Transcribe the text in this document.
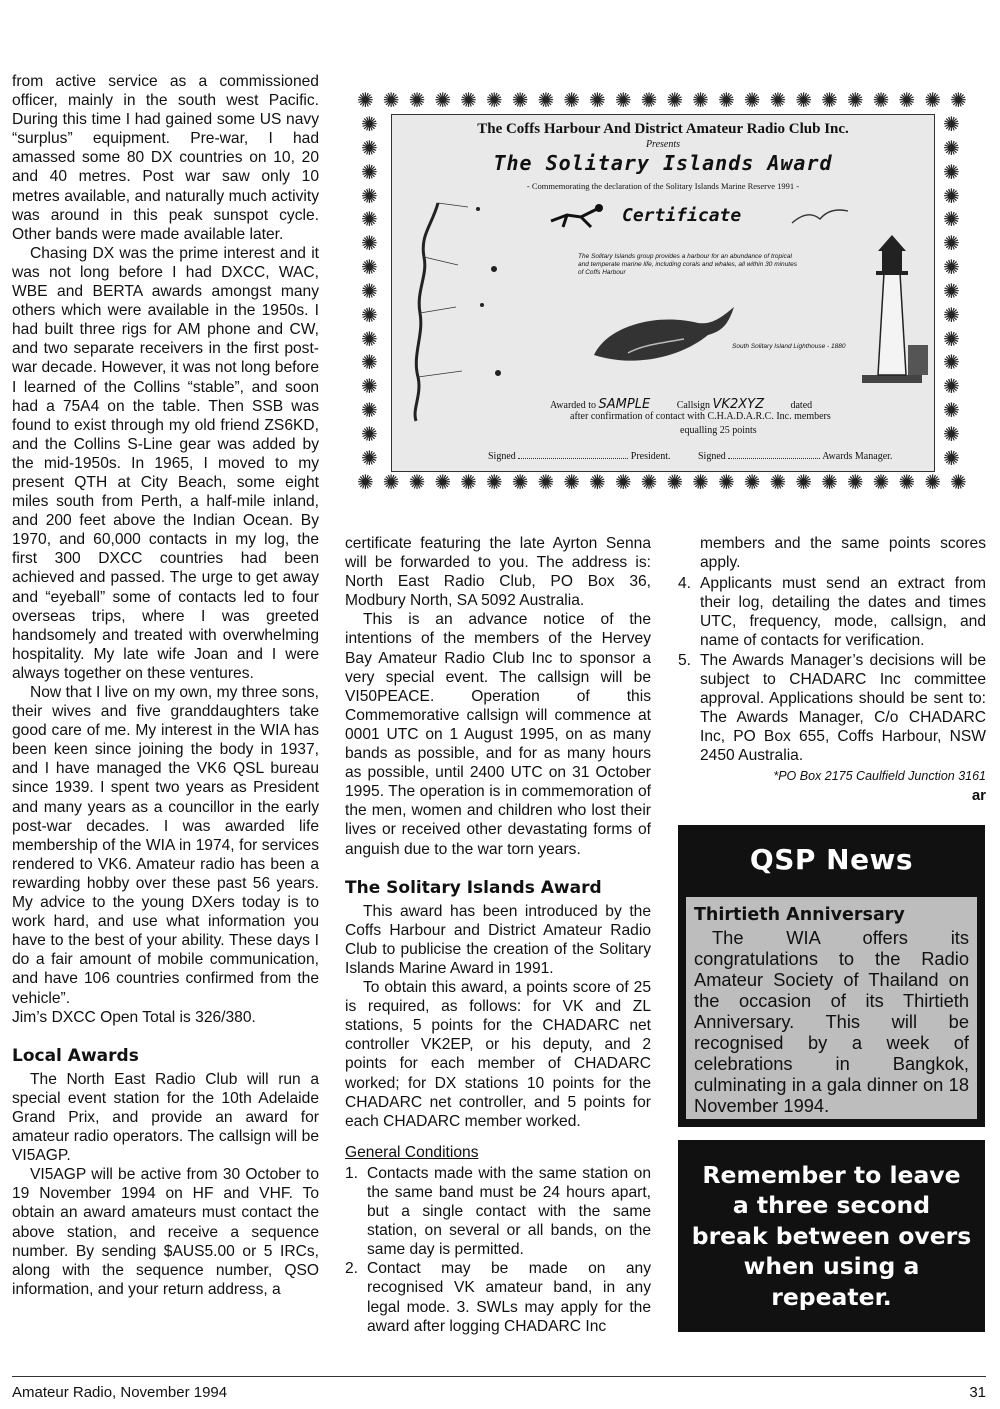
from active service as a commissioned officer, mainly in the south west Pacific. During this time I had gained some US navy “surplus” equipment. Pre-war, I had amassed some 80 DX countries on 10, 20 and 40 metres. Post war saw only 10 metres available, and naturally much activity was around in this peak sunspot cycle. Other bands were made available later.

Chasing DX was the prime interest and it was not long before I had DXCC, WAC, WBE and BERTA awards amongst many others which were available in the 1950s. I had built three rigs for AM phone and CW, and two separate receivers in the first post-war decade. However, it was not long before I learned of the Collins “stable”, and soon had a 75A4 on the table. Then SSB was found to exist through my old friend ZS6KD, and the Collins S-Line gear was added by the mid-1950s. In 1965, I moved to my present QTH at City Beach, some eight miles south from Perth, a half-mile inland, and 200 feet above the Indian Ocean. By 1970, and 60,000 contacts in my log, the first 300 DXCC countries had been achieved and passed. The urge to get away and “eyeball” some of contacts led to four overseas trips, where I was greeted handsomely and treated with overwhelming hospitality. My late wife Joan and I were always together on these ventures.

Now that I live on my own, my three sons, their wives and five granddaughters take good care of me. My interest in the WIA has been keen since joining the body in 1937, and I have managed the VK6 QSL bureau since 1939. I spent two years as President and many years as a councillor in the early post-war decades. I was awarded life membership of the WIA in 1974, for services rendered to VK6. Amateur radio has been a rewarding hobby over these past 56 years. My advice to the young DXers today is to work hard, and use what information you have to the best of your ability. These days I do a fair amount of mobile communication, and have 106 countries confirmed from the vehicle”.

Jim’s DXCC Open Total is 326/380.

Local Awards

The North East Radio Club will run a special event station for the 10th Adelaide Grand Prix, and provide an award for amateur radio operators. The callsign will be VI5AGP.

VI5AGP will be active from 30 October to 19 November 1994 on HF and VHF. To obtain an award amateurs must contact the above station, and receive a sequence number. By sending $AUS5.00 or 5 IRCs, along with the sequence number, QSO information, and your return address, a

✺ ✺ ✺ ✺ ✺ ✺ ✺ ✺ ✺ ✺ ✺ ✺ ✺ ✺ ✺ ✺ ✺ ✺ ✺ ✺ ✺ ✺ ✺ ✺
✺ ✺ ✺ ✺ ✺ ✺ ✺ ✺ ✺ ✺ ✺ ✺ ✺ ✺ ✺ ✺ ✺ ✺ ✺ ✺ ✺ ✺ ✺ ✺
✺
✺
✺
✺
✺
✺
✺
✺
✺
✺
✺
✺
✺
✺
✺
✺
✺
✺
✺
✺
✺
✺
✺
✺
✺
✺
✺
✺
✺
✺
The Coffs Harbour And District Amateur Radio Club Inc.
Presents
The Solitary Islands Award
- Commemorating the declaration of the Solitary Islands Marine Reserve 1991 -
Certificate
The Solitary Islands group provides a harbour for an abundance of tropical and temperate marine life, including corals and whales, all within 30 minutes of Coffs Harbour
South Solitary Island Lighthouse - 1880
Awarded to SAMPLE	Callsign VK2XYZ	dated
after confirmation of contact with C.H.A.D.A.R.C. Inc. members
equalling 25 points
Signed	President.	Signed	Awards Manager.

certificate featuring the late Ayrton Senna will be forwarded to you. The address is: North East Radio Club, PO Box 36, Modbury North, SA 5092 Australia.

This is an advance notice of the intentions of the members of the Hervey Bay Amateur Radio Club Inc to sponsor a very special event. The callsign will be VI50PEACE. Operation of this Commemorative callsign will commence at 0001 UTC on 1 August 1995, on as many bands as possible, and for as many hours as possible, until 2400 UTC on 31 October 1995. The operation is in commemoration of the men, women and children who lost their lives or received other devastating forms of anguish due to the war torn years.

The Solitary Islands Award

This award has been introduced by the Coffs Harbour and District Amateur Radio Club to publicise the creation of the Solitary Islands Marine Award in 1991.

To obtain this award, a points score of 25 is required, as follows: for VK and ZL stations, 5 points for the CHADARC net controller VK2EP, or his deputy, and 2 points for each member of CHADARC worked; for DX stations 10 points for the CHADARC net controller, and 5 points for each CHADARC member worked.

General Conditions
1. Contacts made with the same station on the same band must be 24 hours apart, but a single contact with the same station, on several or all bands, on the same day is permitted.
2. Contact may be made on any recognised VK amateur band, in any legal mode. 3. SWLs may apply for the award after logging CHADARC Inc

members and the same points scores apply.

4. Applicants must send an extract from their log, detailing the dates and times UTC, frequency, mode, callsign, and name of contacts for verification.
5. The Awards Manager’s decisions will be subject to CHADARC Inc committee approval. Applications should be sent to: The Awards Manager, C/o CHADARC Inc, PO Box 655, Coffs Harbour, NSW 2450 Australia.
*PO Box 2175 Caulfield Junction 3161
ar
QSP News
Thirtieth Anniversary

The WIA offers its congratulations to the Radio Amateur Society of Thailand on the occasion of its Thirtieth Anniversary. This will be recognised by a week of celebrations in Bangkok, culminating in a gala dinner on 18 November 1994.

Remember to leave a three second break between overs when using a repeater.
Amateur Radio, November 1994	31
